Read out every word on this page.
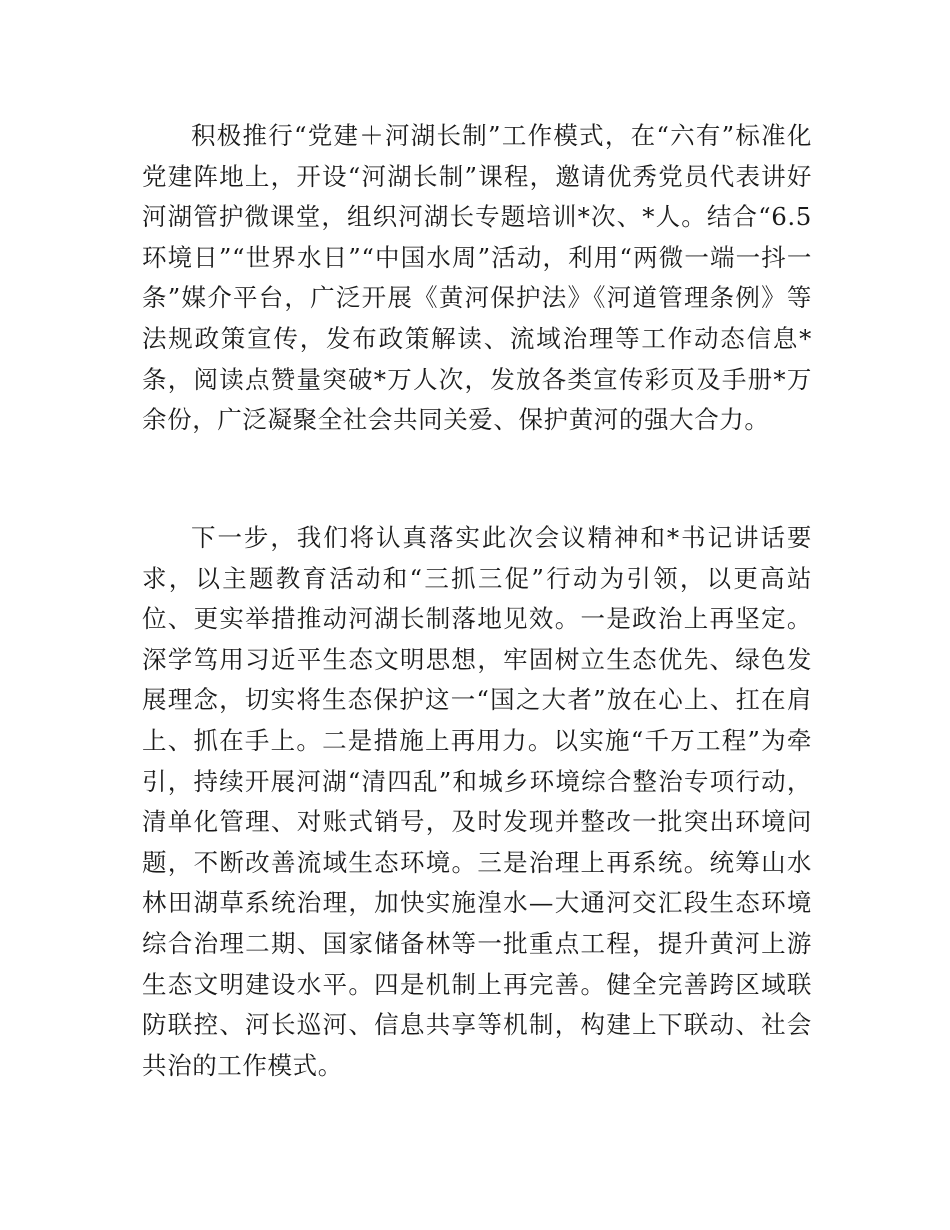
积极推行“党建＋河湖长制”工作模式，在“六有”标准化党建阵地上，开设“河湖长制”课程，邀请优秀党员代表讲好河湖管护微课堂，组织河湖长专题培训*次、*人。结合“6.5环境日”“世界水日”“中国水周”活动，利用“两微一端一抖一条”媒介平台，广泛开展《黄河保护法》《河道管理条例》等法规政策宣传，发布政策解读、流域治理等工作动态信息*条，阅读点赞量突破*万人次，发放各类宣传彩页及手册*万余份，广泛凝聚全社会共同关爱、保护黄河的强大合力。

下一步，我们将认真落实此次会议精神和*书记讲话要求，以主题教育活动和“三抓三促”行动为引领，以更高站位、更实举措推动河湖长制落地见效。一是政治上再坚定。深学笃用习近平生态文明思想，牢固树立生态优先、绿色发展理念，切实将生态保护这一“国之大者”放在心上、扛在肩上、抓在手上。二是措施上再用力。以实施“千万工程”为牵引，持续开展河湖“清四乱”和城乡环境综合整治专项行动，清单化管理、对账式销号，及时发现并整改一批突出环境问题，不断改善流域生态环境。三是治理上再系统。统筹山水林田湖草系统治理，加快实施湟水—大通河交汇段生态环境综合治理二期、国家储备林等一批重点工程，提升黄河上游生态文明建设水平。四是机制上再完善。健全完善跨区域联防联控、河长巡河、信息共享等机制，构建上下联动、社会共治的工作模式。
